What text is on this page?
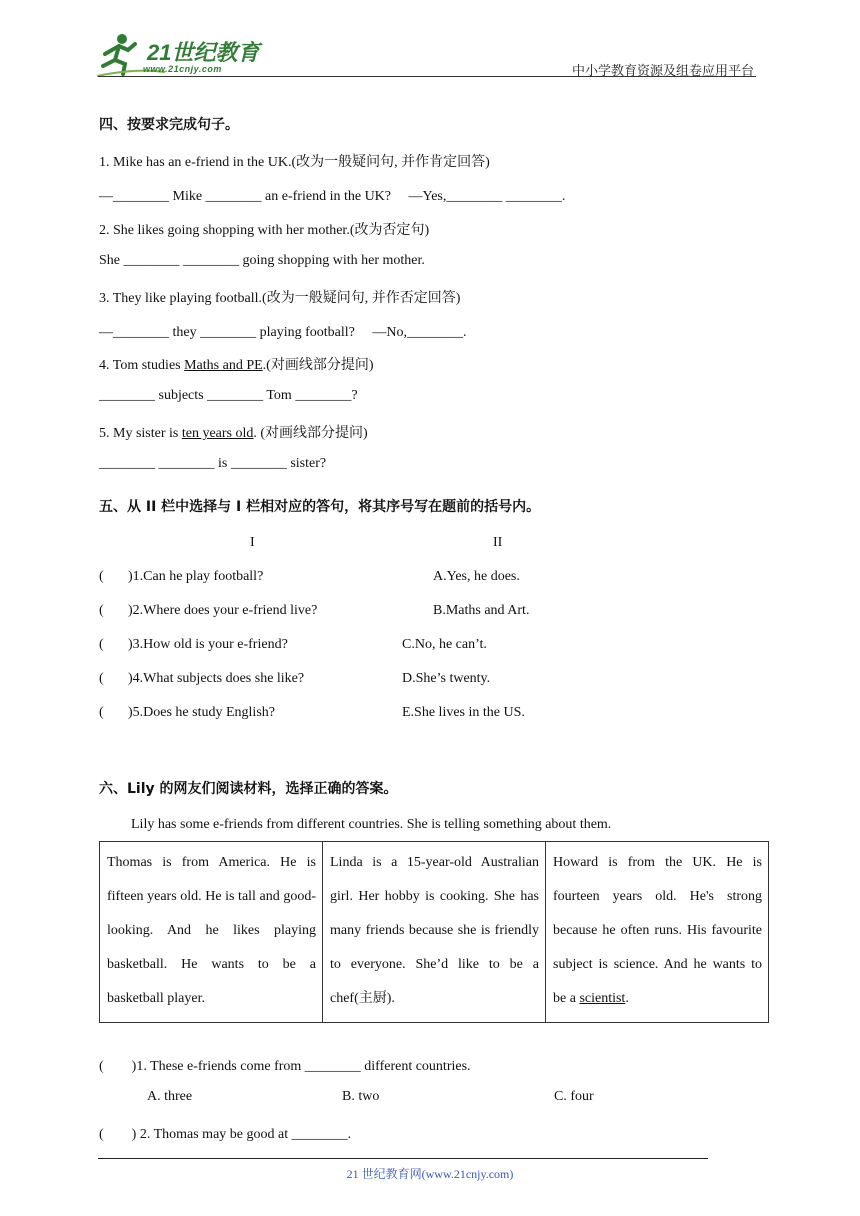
21世纪教育
www.21cnjy.com	中小学教育资源及组卷应用平台
四、按要求完成句子。
1. Mike has an e-friend in the UK.(改为一般疑问句, 并作肯定回答)
—________ Mike ________ an e-friend in the UK?　 —Yes,________ ________.
2. She likes going shopping with her mother.(改为否定句)
She ________ ________ going shopping with her mother.
3. They like playing football.(改为一般疑问句, 并作否定回答)
—________ they ________ playing football?　 —No,________.
4. Tom studies Maths and PE.(对画线部分提问)
________ subjects ________ Tom ________?
5. My sister is ten years old. (对画线部分提问)
________ ________ is ________ sister?
五、从 II 栏中选择与 I 栏相对应的答句，将其序号写在题前的括号内。
I	II
( )1.Can he play football?	A.Yes, he does.
( )2.Where does your e-friend live?	B.Maths and Art.
( )3.How old is your e-friend?	C.No, he can’t.
( )4.What subjects does she like?	D.She’s twenty.
( )5.Does he study English?	E.She lives in the US.
六、Lily 的网友们阅读材料，选择正确的答案。
Lily has some e-friends from different countries. She is telling something about them.
Thomas is from America. He is fifteen years old. He is tall and good-looking. And he likes playing basketball. He wants to be a basketball player.	Linda is a 15-year-old Australian girl. Her hobby is cooking. She has many friends because she is friendly to everyone. She’d like to be a chef(主厨).	Howard is from the UK. He is fourteen years old. He's strong because he often runs. His favourite subject is science. And he wants to be a scientist.
(　　)1. These e-friends come from ________ different countries.
A. three	B. two	C. four
(　　) 2. Thomas may be good at ________.
21 世纪教育网(www.21cnjy.com)
